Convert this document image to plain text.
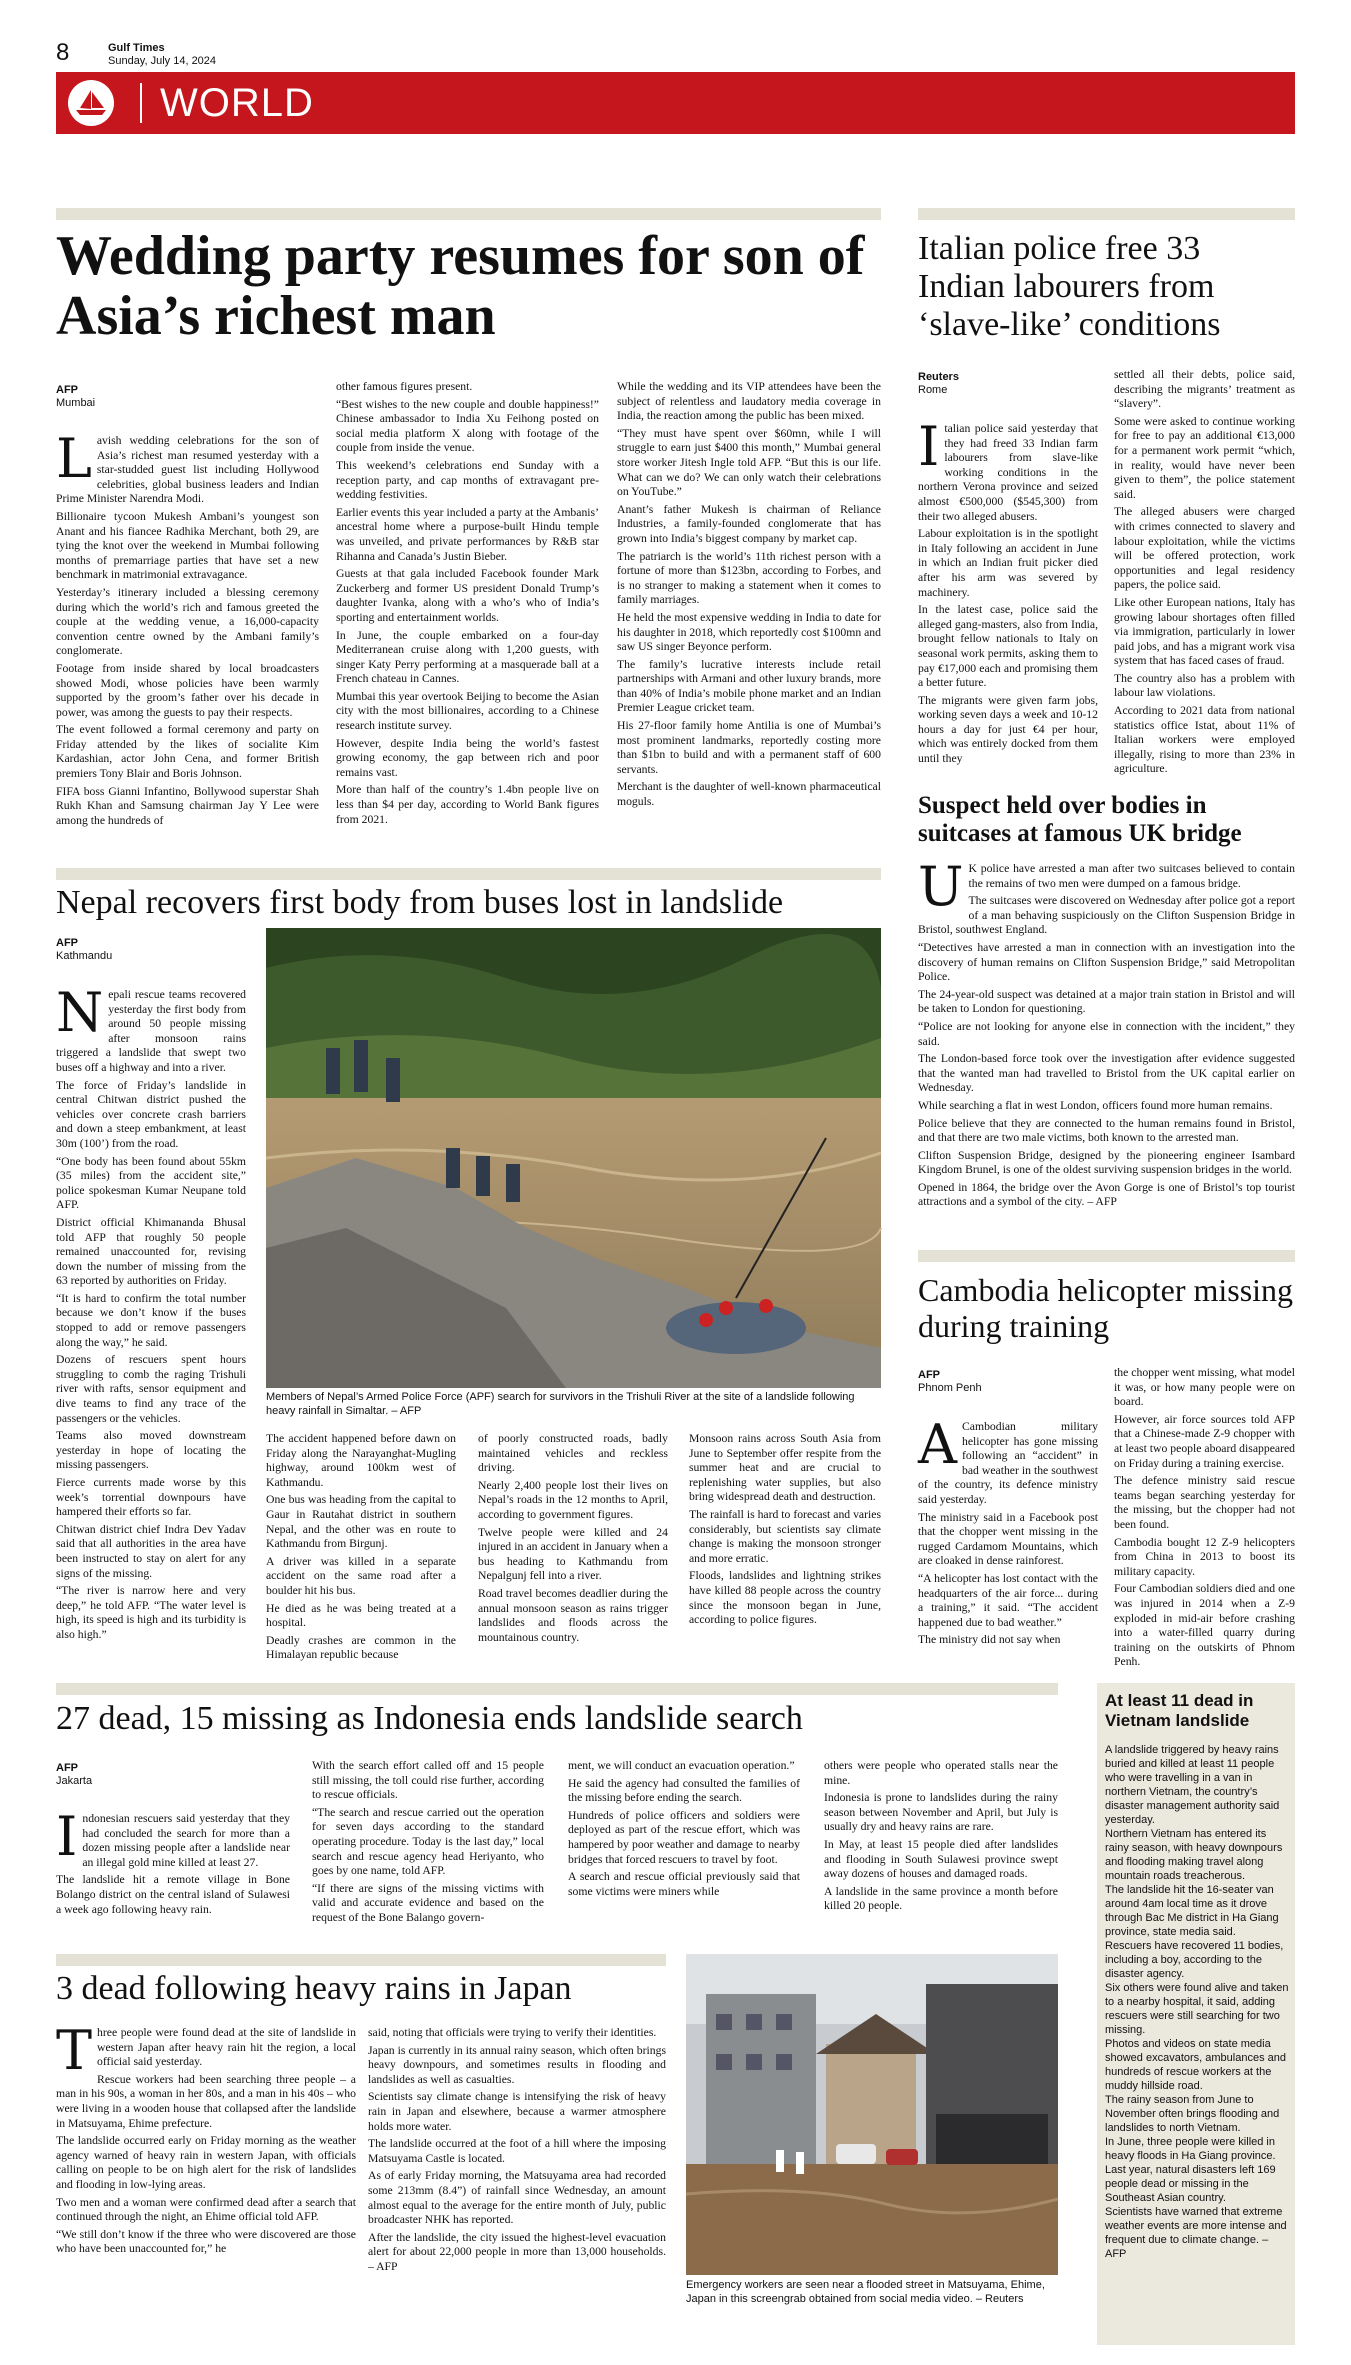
8	Gulf Times
Sunday, July 14, 2024
WORLD
Wedding party resumes for son of Asia’s richest man
AFP
Mumbai

Lavish wedding celebrations for the son of Asia’s richest man resumed yesterday with a star-studded guest list including Hollywood celebrities, global business leaders and Indian Prime Minister Narendra Modi.

Billionaire tycoon Mukesh Ambani’s youngest son Anant and his fiancee Radhika Merchant, both 29, are tying the knot over the weekend in Mumbai following months of premarriage parties that have set a new benchmark in matrimonial extravagance.

Yesterday’s itinerary included a blessing ceremony during which the world’s rich and famous greeted the couple at the wedding venue, a 16,000-capacity convention centre owned by the Ambani family’s conglomerate.

Footage from inside shared by local broadcasters showed Modi, whose policies have been warmly supported by the groom’s father over his decade in power, was among the guests to pay their respects.

The event followed a formal ceremony and party on Friday attended by the likes of socialite Kim Kardashian, actor John Cena, and former British premiers Tony Blair and Boris Johnson.

FIFA boss Gianni Infantino, Bollywood superstar Shah Rukh Khan and Samsung chairman Jay Y Lee were among the hundreds of

other famous figures present.

“Best wishes to the new couple and double happiness!” Chinese ambassador to India Xu Feihong posted on social media platform X along with footage of the couple from inside the venue.

This weekend’s celebrations end Sunday with a reception party, and cap months of extravagant pre-wedding festivities.

Earlier events this year included a party at the Ambanis’ ancestral home where a purpose-built Hindu temple was unveiled, and private performances by R&B star Rihanna and Canada’s Justin Bieber.

Guests at that gala included Facebook founder Mark Zuckerberg and former US president Donald Trump’s daughter Ivanka, along with a who’s who of India’s sporting and entertainment worlds.

In June, the couple embarked on a four-day Mediterranean cruise along with 1,200 guests, with singer Katy Perry performing at a masquerade ball at a French chateau in Cannes.

Mumbai this year overtook Beijing to become the Asian city with the most billionaires, according to a Chinese research institute survey.

However, despite India being the world’s fastest growing economy, the gap between rich and poor remains vast.

More than half of the country’s 1.4bn people live on less than $4 per day, according to World Bank figures from 2021.

While the wedding and its VIP attendees have been the subject of relentless and laudatory media coverage in India, the reaction among the public has been mixed.

“They must have spent over $60mn, while I will struggle to earn just $400 this month,” Mumbai general store worker Jitesh Ingle told AFP. “But this is our life. What can we do? We can only watch their celebrations on YouTube.”

Anant’s father Mukesh is chairman of Reliance Industries, a family-founded conglomerate that has grown into India’s biggest company by market cap.

The patriarch is the world’s 11th richest person with a fortune of more than $123bn, according to Forbes, and is no stranger to making a statement when it comes to family marriages.

He held the most expensive wedding in India to date for his daughter in 2018, which reportedly cost $100mn and saw US singer Beyonce perform.

The family’s lucrative interests include retail partnerships with Armani and other luxury brands, more than 40% of India’s mobile phone market and an Indian Premier League cricket team.

His 27-floor family home Antilia is one of Mumbai’s most prominent landmarks, reportedly costing more than $1bn to build and with a permanent staff of 600 servants.

Merchant is the daughter of well-known pharmaceutical moguls.

Italian police free 33 Indian labourers from ‘slave-like’ conditions
Reuters
Rome

Italian police said yesterday that they had freed 33 Indian farm labourers from slave-like working conditions in the northern Verona province and seized almost €500,000 ($545,300) from their two alleged abusers.

Labour exploitation is in the spotlight in Italy following an accident in June in which an Indian fruit picker died after his arm was severed by machinery.

In the latest case, police said the alleged gang-masters, also from India, brought fellow nationals to Italy on seasonal work permits, asking them to pay €17,000 each and promising them a better future.

The migrants were given farm jobs, working seven days a week and 10-12 hours a day for just €4 per hour, which was entirely docked from them until they

settled all their debts, police said, describing the migrants’ treatment as “slavery”.

Some were asked to continue working for free to pay an additional €13,000 for a permanent work permit “which, in reality, would have never been given to them”, the police statement said.

The alleged abusers were charged with crimes connected to slavery and labour exploitation, while the victims will be offered protection, work opportunities and legal residency papers, the police said.

Like other European nations, Italy has growing labour shortages often filled via immigration, particularly in lower paid jobs, and has a migrant work visa system that has faced cases of fraud.

The country also has a problem with labour law violations.

According to 2021 data from national statistics office Istat, about 11% of Italian workers were employed illegally, rising to more than 23% in agriculture.

Suspect held over bodies in suitcases at famous UK bridge

UK police have arrested a man after two suitcases believed to contain the remains of two men were dumped on a famous bridge.

The suitcases were discovered on Wednesday after police got a report of a man behaving suspiciously on the Clifton Suspension Bridge in Bristol, southwest England.

“Detectives have arrested a man in connection with an investigation into the discovery of human remains on Clifton Suspension Bridge,” said Metropolitan Police.

The 24-year-old suspect was detained at a major train station in Bristol and will be taken to London for questioning.

“Police are not looking for anyone else in connection with the incident,” they said.

The London-based force took over the investigation after evidence suggested that the wanted man had travelled to Bristol from the UK capital earlier on Wednesday.

While searching a flat in west London, officers found more human remains.

Police believe that they are connected to the human remains found in Bristol, and that there are two male victims, both known to the arrested man.

Clifton Suspension Bridge, designed by the pioneering engineer Isambard Kingdom Brunel, is one of the oldest surviving suspension bridges in the world.

Opened in 1864, the bridge over the Avon Gorge is one of Bristol’s top tourist attractions and a symbol of the city. – AFP

Nepal recovers first body from buses lost in landslide
AFP
Kathmandu

Nepali rescue teams recovered yesterday the first body from around 50 people missing after monsoon rains triggered a landslide that swept two buses off a highway and into a river.

The force of Friday’s landslide in central Chitwan district pushed the vehicles over concrete crash barriers and down a steep embankment, at least 30m (100’) from the road.

“One body has been found about 55km (35 miles) from the accident site,” police spokesman Kumar Neupane told AFP.

District official Khimananda Bhusal told AFP that roughly 50 people remained unaccounted for, revising down the number of missing from the 63 reported by authorities on Friday.

“It is hard to confirm the total number because we don’t know if the buses stopped to add or remove passengers along the way,” he said.

Dozens of rescuers spent hours struggling to comb the raging Trishuli river with rafts, sensor equipment and dive teams to find any trace of the passengers or the vehicles.

Teams also moved downstream yesterday in hope of locating the missing passengers.

Fierce currents made worse by this week’s torrential downpours have hampered their efforts so far.

Chitwan district chief Indra Dev Yadav said that all authorities in the area have been instructed to stay on alert for any signs of the missing.

“The river is narrow here and very deep,” he told AFP. “The water level is high, its speed is high and its turbidity is also high.”

Members of Nepal’s Armed Police Force (APF) search for survivors in the Trishuli River at the site of a landslide following heavy rainfall in Simaltar. – AFP

The accident happened before dawn on Friday along the Narayanghat-Mugling highway, around 100km west of Kathmandu.

One bus was heading from the capital to Gaur in Rautahat district in southern Nepal, and the other was en route to Kathmandu from Birgunj.

A driver was killed in a separate accident on the same road after a boulder hit his bus.

He died as he was being treated at a hospital.

Deadly crashes are common in the Himalayan republic because

of poorly constructed roads, badly maintained vehicles and reckless driving.

Nearly 2,400 people lost their lives on Nepal’s roads in the 12 months to April, according to government figures.

Twelve people were killed and 24 injured in an accident in January when a bus heading to Kathmandu from Nepalgunj fell into a river.

Road travel becomes deadlier during the annual monsoon season as rains trigger landslides and floods across the mountainous country.

Monsoon rains across South Asia from June to September offer respite from the summer heat and are crucial to replenishing water supplies, but also bring widespread death and destruction.

The rainfall is hard to forecast and varies considerably, but scientists say climate change is making the monsoon stronger and more erratic.

Floods, landslides and lightning strikes have killed 88 people across the country since the monsoon began in June, according to police figures.

Cambodia helicopter missing during training
AFP
Phnom Penh

ACambodian military helicopter has gone missing following an “accident” in bad weather in the southwest of the country, its defence ministry said yesterday.

The ministry said in a Facebook post that the chopper went missing in the rugged Cardamom Mountains, which are cloaked in dense rainforest.

“A helicopter has lost contact with the headquarters of the air force... during a training,” it said. “The accident happened due to bad weather.”

The ministry did not say when

the chopper went missing, what model it was, or how many people were on board.

However, air force sources told AFP that a Chinese-made Z-9 chopper with at least two people aboard disappeared on Friday during a training exercise.

The defence ministry said rescue teams began searching yesterday for the missing, but the chopper had not been found.

Cambodia bought 12 Z-9 helicopters from China in 2013 to boost its military capacity.

Four Cambodian soldiers died and one was injured in 2014 when a Z-9 exploded in mid-air before crashing into a water-filled quarry during training on the outskirts of Phnom Penh.

27 dead, 15 missing as Indonesia ends landslide search
AFP
Jakarta

Indonesian rescuers said yesterday that they had concluded the search for more than a dozen missing people after a landslide near an illegal gold mine killed at least 27.

The landslide hit a remote village in Bone Bolango district on the central island of Sulawesi a week ago following heavy rain.

With the search effort called off and 15 people still missing, the toll could rise further, according to rescue officials.

“The search and rescue carried out the operation for seven days according to the standard operating procedure. Today is the last day,” local search and rescue agency head Heriyanto, who goes by one name, told AFP.

“If there are signs of the missing victims with valid and accurate evidence and based on the request of the Bone Balango govern-

ment, we will conduct an evacuation operation.”

He said the agency had consulted the families of the missing before ending the search.

Hundreds of police officers and soldiers were deployed as part of the rescue effort, which was hampered by poor weather and damage to nearby bridges that forced rescuers to travel by foot.

A search and rescue official previously said that some victims were miners while

others were people who operated stalls near the mine.

Indonesia is prone to landslides during the rainy season between November and April, but July is usually dry and heavy rains are rare.

In May, at least 15 people died after landslides and flooding in South Sulawesi province swept away dozens of houses and damaged roads.

A landslide in the same province a month before killed 20 people.

At least 11 dead in Vietnam landslide

A landslide triggered by heavy rains buried and killed at least 11 people who were travelling in a van in northern Vietnam, the country’s disaster management authority said yesterday.

Northern Vietnam has entered its rainy season, with heavy downpours and flooding making travel along mountain roads treacherous.

The landslide hit the 16-seater van around 4am local time as it drove through Bac Me district in Ha Giang province, state media said.

Rescuers have recovered 11 bodies, including a boy, according to the disaster agency.

Six others were found alive and taken to a nearby hospital, it said, adding rescuers were still searching for two missing.

Photos and videos on state media showed excavators, ambulances and hundreds of rescue workers at the muddy hillside road.

The rainy season from June to November often brings flooding and landslides to north Vietnam.

In June, three people were killed in heavy floods in Ha Giang province.

Last year, natural disasters left 169 people dead or missing in the Southeast Asian country.

Scientists have warned that extreme weather events are more intense and frequent due to climate change. – AFP

3 dead following heavy rains in Japan

Three people were found dead at the site of landslide in western Japan after heavy rain hit the region, a local official said yesterday.

Rescue workers had been searching three people – a man in his 90s, a woman in her 80s, and a man in his 40s – who were living in a wooden house that collapsed after the landslide in Matsuyama, Ehime prefecture.

The landslide occurred early on Friday morning as the weather agency warned of heavy rain in western Japan, with officials calling on people to be on high alert for the risk of landslides and flooding in low-lying areas.

Two men and a woman were confirmed dead after a search that continued through the night, an Ehime official told AFP.

“We still don’t know if the three who were discovered are those who have been unaccounted for,” he

said, noting that officials were trying to verify their identities.

Japan is currently in its annual rainy season, which often brings heavy downpours, and sometimes results in flooding and landslides as well as casualties.

Scientists say climate change is intensifying the risk of heavy rain in Japan and elsewhere, because a warmer atmosphere holds more water.

The landslide occurred at the foot of a hill where the imposing Matsuyama Castle is located.

As of early Friday morning, the Matsuyama area had recorded some 213mm (8.4”) of rainfall since Wednesday, an amount almost equal to the average for the entire month of July, public broadcaster NHK has reported.

After the landslide, the city issued the highest-level evacuation alert for about 22,000 people in more than 13,000 households. – AFP

Emergency workers are seen near a flooded street in Matsuyama, Ehime, Japan in this screengrab obtained from social media video. – Reuters
